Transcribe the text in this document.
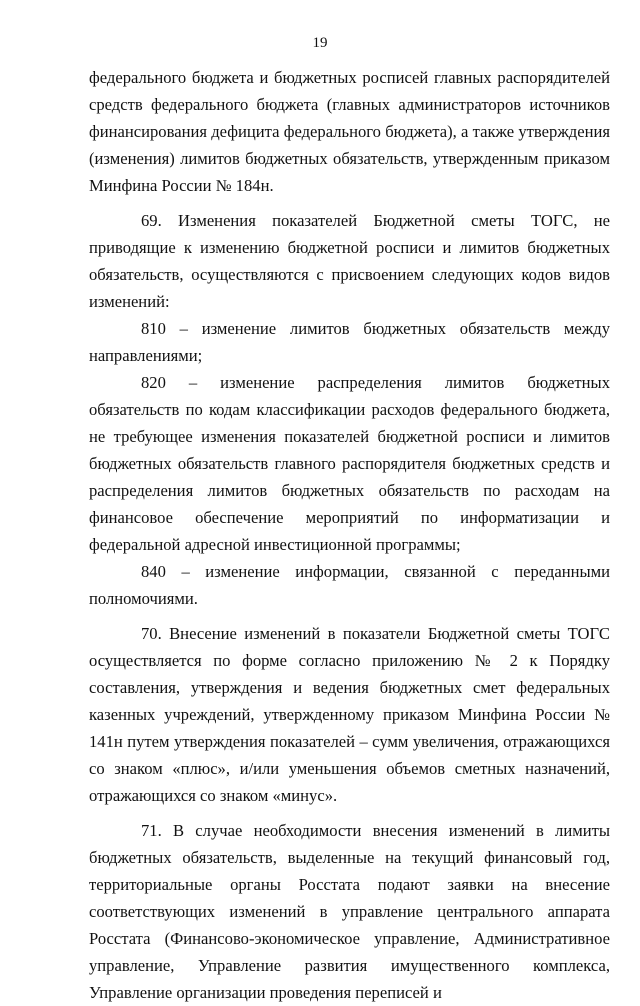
19

федерального бюджета и бюджетных росписей главных распорядителей средств федерального бюджета (главных администраторов источников финансирования дефицита федерального бюджета), а также утверждения (изменения) лимитов бюджетных обязательств, утвержденным приказом Минфина России № 184н.

69. Изменения показателей Бюджетной сметы ТОГС, не приводящие к изменению бюджетной росписи и лимитов бюджетных обязательств, осуществляются с присвоением следующих кодов видов изменений:

810 – изменение лимитов бюджетных обязательств между направлениями;

820 – изменение распределения лимитов бюджетных обязательств по кодам классификации расходов федерального бюджета, не требующее изменения показателей бюджетной росписи и лимитов бюджетных обязательств главного распорядителя бюджетных средств и распределения лимитов бюджетных обязательств по расходам на финансовое обеспечение мероприятий по информатизации и федеральной адресной инвестиционной программы;

840 – изменение информации, связанной с переданными полномочиями.

70. Внесение изменений в показатели Бюджетной сметы ТОГС осуществляется по форме согласно приложению № 2 к Порядку составления, утверждения и ведения бюджетных смет федеральных казенных учреждений, утвержденному приказом Минфина России № 141н путем утверждения показателей – сумм увеличения, отражающихся со знаком «плюс», и/или уменьшения объемов сметных назначений, отражающихся со знаком «минус».

71. В случае необходимости внесения изменений в лимиты бюджетных обязательств, выделенные на текущий финансовый год, территориальные органы Росстата подают заявки на внесение соответствующих изменений в управление центрального аппарата Росстата (Финансово-экономическое управление, Административное управление, Управление развития имущественного комплекса, Управление организации проведения переписей и
